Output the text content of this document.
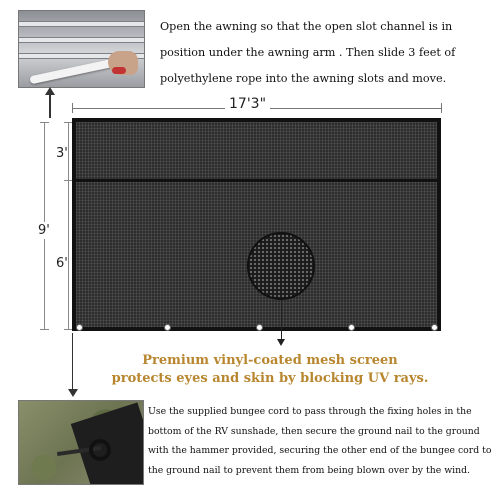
Open the awning so that the open slot channel is in position under the awning arm . Then slide 3 feet of polyethylene rope into the awning slots and move.
17'3"
9'
3'
6'
Premium vinyl-coated mesh screen protects eyes and skin by blocking UV rays.
Use the supplied bungee cord to pass through the fixing holes in the bottom of the RV sunshade, then secure the ground nail to the ground with the hammer provided, securing the other end of the bungee cord to the ground nail to prevent them from being blown over by the wind.
